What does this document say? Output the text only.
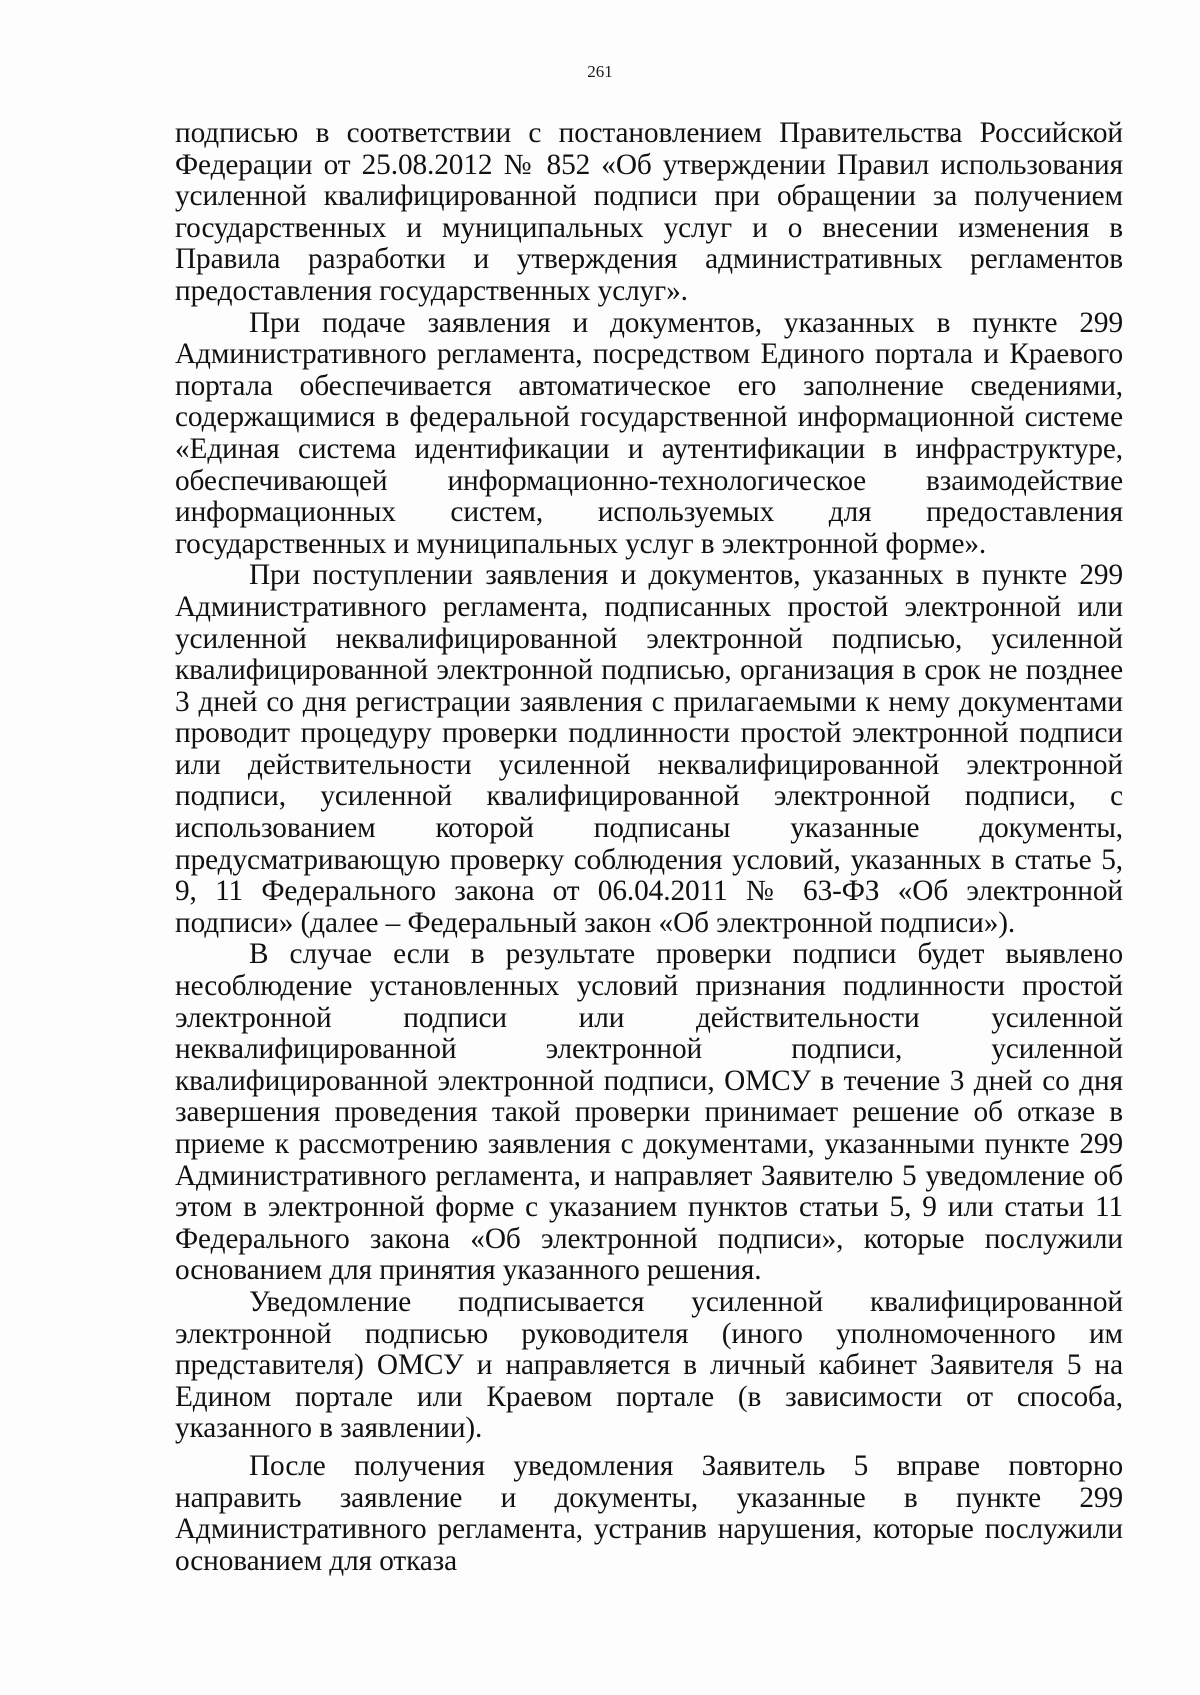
261

подписью в соответствии с постановлением Правительства Российской Федерации от 25.08.2012 № 852 «Об утверждении Правил использования усиленной квалифицированной подписи при обращении за получением государственных и муниципальных услуг и о внесении изменения в Правила разработки и утверждения административных регламентов предоставления государственных услуг».

При подаче заявления и документов, указанных в пункте 299 Административного регламента, посредством Единого портала и Краевого портала обеспечивается автоматическое его заполнение сведениями, содержащимися в федеральной государственной информационной системе «Единая система идентификации и аутентификации в инфраструктуре, обеспечивающей информационно-технологическое взаимодействие информационных систем, используемых для предоставления государственных и муниципальных услуг в электронной форме».

При поступлении заявления и документов, указанных в пункте 299 Административного регламента, подписанных простой электронной или усиленной неквалифицированной электронной подписью, усиленной квалифицированной электронной подписью, организация в срок не позднее 3 дней со дня регистрации заявления с прилагаемыми к нему документами проводит процедуру проверки подлинности простой электронной подписи или действительности усиленной неквалифицированной электронной подписи, усиленной квалифицированной электронной подписи, с использованием которой подписаны указанные документы, предусматривающую проверку соблюдения условий, указанных в статье 5, 9, 11 Федерального закона от 06.04.2011 № 63-ФЗ «Об электронной подписи» (далее – Федеральный закон «Об электронной подписи»).

В случае если в результате проверки подписи будет выявлено несоблюдение установленных условий признания подлинности простой электронной подписи или действительности усиленной неквалифицированной электронной подписи, усиленной квалифицированной электронной подписи, ОМСУ в течение 3 дней со дня завершения проведения такой проверки принимает решение об отказе в приеме к рассмотрению заявления с документами, указанными пункте 299 Административного регламента, и направляет Заявителю 5 уведомление об этом в электронной форме с указанием пунктов статьи 5, 9 или статьи 11 Федерального закона «Об электронной подписи», которые послужили основанием для принятия указанного решения.

Уведомление подписывается усиленной квалифицированной электронной подписью руководителя (иного уполномоченного им представителя) ОМСУ и направляется в личный кабинет Заявителя 5 на Едином портале или Краевом портале (в зависимости от способа, указанного в заявлении).

После получения уведомления Заявитель 5 вправе повторно направить заявление и документы, указанные в пункте 299 Административного регламента, устранив нарушения, которые послужили основанием для отказа
